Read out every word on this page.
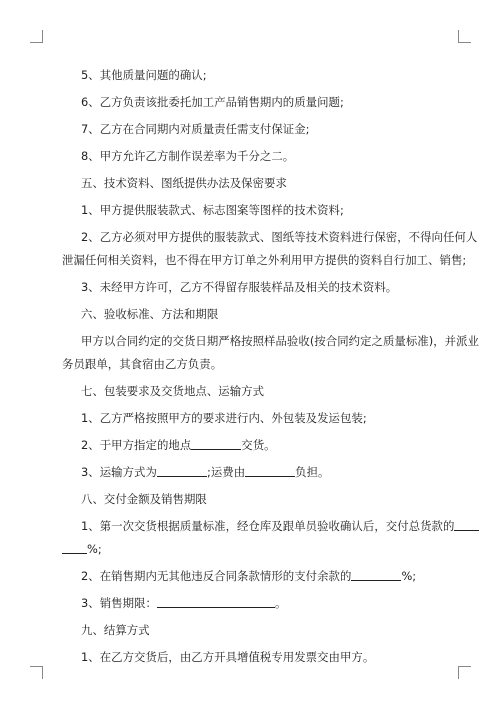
5、其他质量问题的确认;

6、乙方负责该批委托加工产品销售期内的质量问题;

7、乙方在合同期内对质量责任需支付保证金;

8、甲方允许乙方制作误差率为千分之二。

五、技术资料、图纸提供办法及保密要求

1、甲方提供服装款式、标志图案等图样的技术资料;

2、乙方必须对甲方提供的服装款式、图纸等技术资料进行保密，不得向任何人

泄漏任何相关资料，也不得在甲方订单之外利用甲方提供的资料自行加工、销售;

3、未经甲方许可，乙方不得留存服装样品及相关的技术资料。

六、验收标准、方法和期限

甲方以合同约定的交货日期严格按照样品验收(按合同约定之质量标准)，并派业

务员跟单，其食宿由乙方负责。

七、包装要求及交货地点、运输方式

1、乙方严格按照甲方的要求进行内、外包装及发运包装;

2、于甲方指定的地点	交货。

3、运输方式为	;运费由	负担。

八、交付金额及销售期限

1、第一次交货根据质量标准，经仓库及跟单员验收确认后，交付总货款的

%;

2、在销售期内无其他违反合同条款情形的支付余款的	%;

3、销售期限：	。

九、结算方式

1、在乙方交货后，由乙方开具增值税专用发票交由甲方。
